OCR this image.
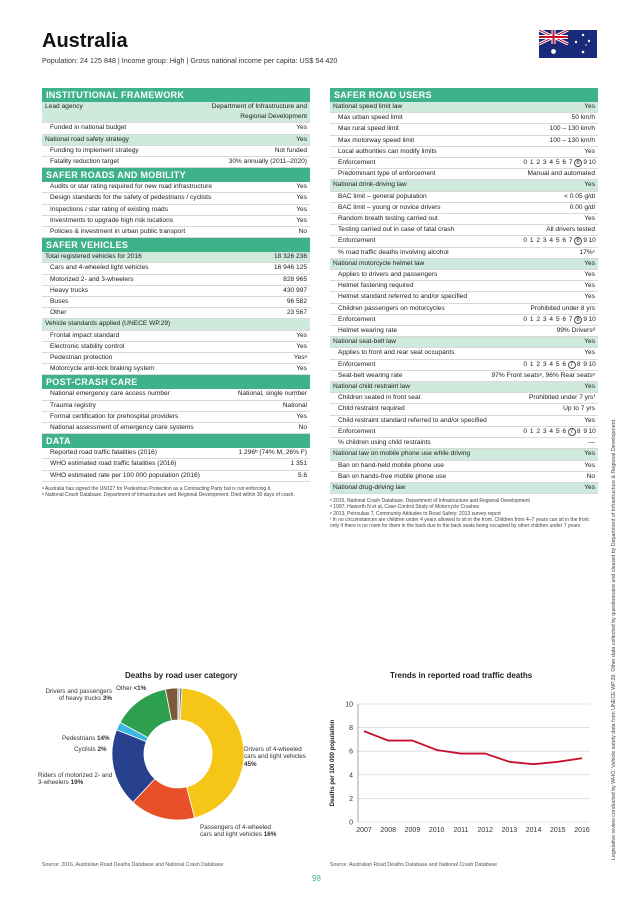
Australia
Population: 24 125 848 | Income group: High | Gross national income per capita: US$ 54 420
INSTITUTIONAL FRAMEWORK
Lead agency	Department of Infrastructure and Regional Development
Funded in national budget	Yes
National road safety strategy	Yes
Funding to implement strategy	Not funded
Fatality reduction target	30% annually (2011–2020)
SAFER ROADS AND MOBILITY
Audits or star rating required for new road infrastructure	Yes
Design standards for the safety of pedestrians / cyclists	Yes
Inspections / star rating of existing roads	Yes
Investments to upgrade high risk locations	Yes
Policies & investment in urban public transport	No
SAFER VEHICLES
Total registered vehicles for 2016	18 326 236
Cars and 4-wheeled light vehicles	16 946 125
Motorized 2- and 3-wheelers	828 965
Heavy trucks	430 997
Buses	96 582
Other	23 567
Vehicle standards applied (UNECE WP.29)
Frontal impact standard	Yes
Electronic stability control	Yes
Pedestrian protection	Yesᵃ
Motorcycle anti-lock braking system	Yes
POST-CRASH CARE
National emergency care access number	National, single number
Trauma registry	National
Formal certification for prehospital providers	Yes
National assessment of emergency care systems	No
DATA
Reported road traffic fatalities (2016)	1 296ᵇ (74% M, 26% F)
WHO estimated road traffic fatalities (2016)	1 351
WHO estimated rate per 100 000 population (2016)	5.6
ᵃ Australia has signed the UN127 for Pedestrian Protection as a Contracting Party but is not enforcing it.
ᵇ National Crash Database, Department of Infrastructure and Regional Development. Died within 30 days of crash.
SAFER ROAD USERS
National speed limit law	Yes
Max urban speed limit	50 km/h
Max rural speed limit	100 – 130 km/h
Max motorway speed limit	100 – 130 km/h
Local authorities can modify limits	Yes
Enforcement	0 1 2 3 4 5 6 7 8 910
Predominant type of enforcement	Manual and automated
National drink-driving law	Yes
BAC limit – general population	< 0.05 g/dl
BAC limit – young or novice drivers	0.00 g/dl
Random breath testing carried out	Yes
Testing carried out in case of fatal crash	All drivers tested
Enforcement	0 1 2 3 4 5 6 7 8 910
% road traffic deaths involving alcohol	17%ᶜ
National motorcycle helmet law	Yes
Applies to drivers and passengers	Yes
Helmet fastening required	Yes
Helmet standard referred to and/or specified	Yes
Children passengers on motorcycles	Prohibited under 8 yrs
Enforcement	0 1 2 3 4 5 6 7 8 910
Helmet wearing rate	99% Driversᵈ
National seat-belt law	Yes
Applies to front and rear seat occupants	Yes
Enforcement	0 1 2 3 4 5 6 7 8 910
Seat-belt wearing rate	97% Front seatsᵉ, 96% Rear seatsᵉ
National child restraint law	Yes
Children seated in front seat	Prohibited under 7 yrsᶠ
Child restraint required	Up to 7 yrs
Child restraint standard referred to and/or specified	Yes
Enforcement	0 1 2 3 4 5 6 7 8 910
% children using child restraints	—
National law on mobile phone use while driving	Yes
Ban on hand-held mobile phone use	Yes
Ban on hands-free mobile phone use	No
National drug-driving law	Yes
ᶜ 2015, National Crash Database, Department of Infrastructure and Regional Development
ᵈ 1997, Haworth N et al, Case-Control Study of Motorcycle Crashes
ᵉ 2013, Petroulias T, Community Attitudes to Road Safety: 2013 survey report
ᶠ In no circumstances are children under 4 years allowed to sit in the front. Children from 4–7 years can sit in the front only if there is no room for them in the back due to the back seats being occupied by other children under 7 years
Deaths by road user category
Drivers and passengers of heavy trucks 3%
Other <1%
Pedestrians 14%
Cyclists 2%
Riders of motorized 2- and 3-wheelers 19%
Drivers of 4-wheeled cars and light vehicles 45%
Passengers of 4-wheeled cars and light vehicles 16%
Trends in reported road traffic deaths
0
2
4
6
8
10
2007 2008 2009 2010 2011 2012 2013 2014 2015 2016
Deaths per 100 000 population
Source: 2016, Australian Road Deaths Database and National Crash Database	Source: Australian Road Deaths Database and National Crash Database
98
Legislative review conducted by WHO. Vehicle safety data from UNECE WP.29. Other data collected by questionnaire and cleared by Department of Infrastructure & Regional Development.
